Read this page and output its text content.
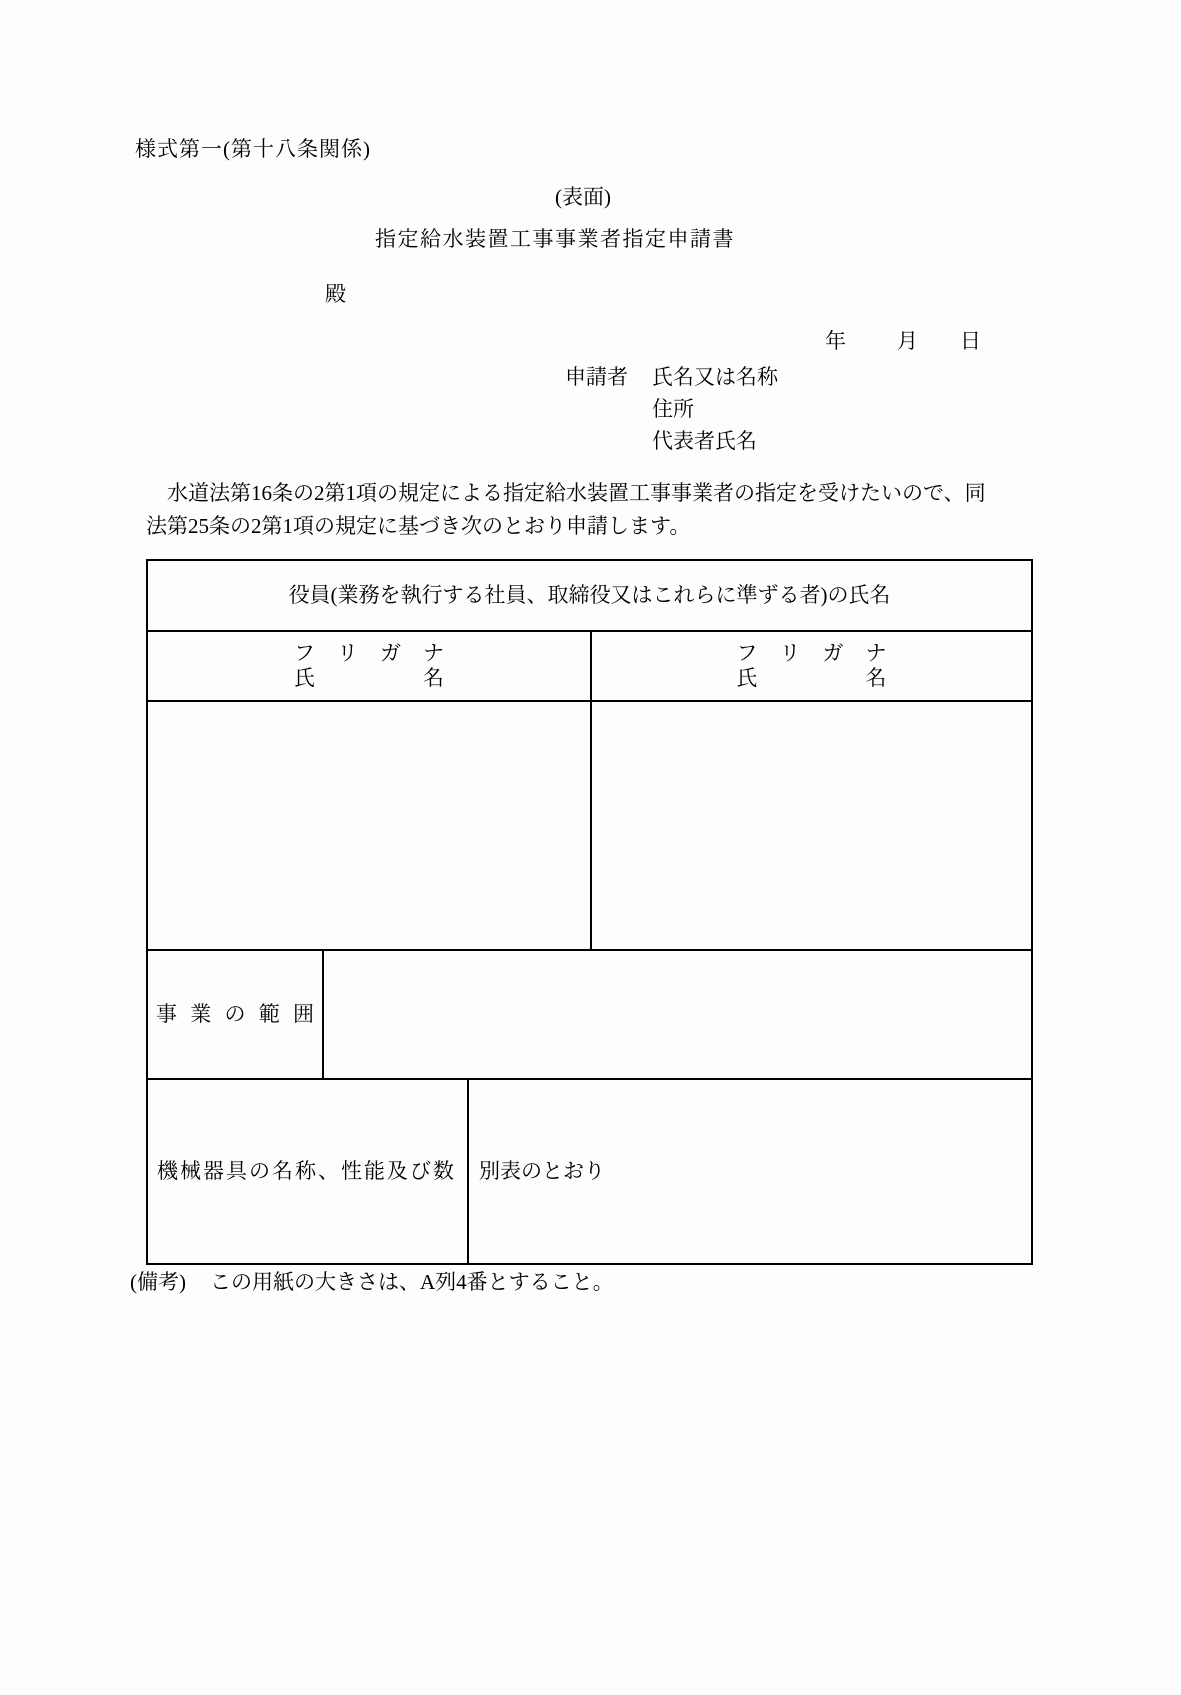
様式第一(第十八条関係)
(表面)
指定給水装置工事事業者指定申請書
殿
年 月 日
申請者 氏名又は名称
住所
代表者氏名
　水道法第16条の2第1項の規定による指定給水装置工事事業者の指定を受けたいので、同
法第25条の2第1項の規定に基づき次のとおり申請します。
役員(業務を執行する社員、取締役又はこれらに準ずる者)の氏名
フ リ ガ ナ
氏	名
フ リ ガ ナ
氏	名
事 業 の 範 囲
機械器具の名称、性能及び数 別表のとおり
(備考) この用紙の大きさは、A列4番とすること。
